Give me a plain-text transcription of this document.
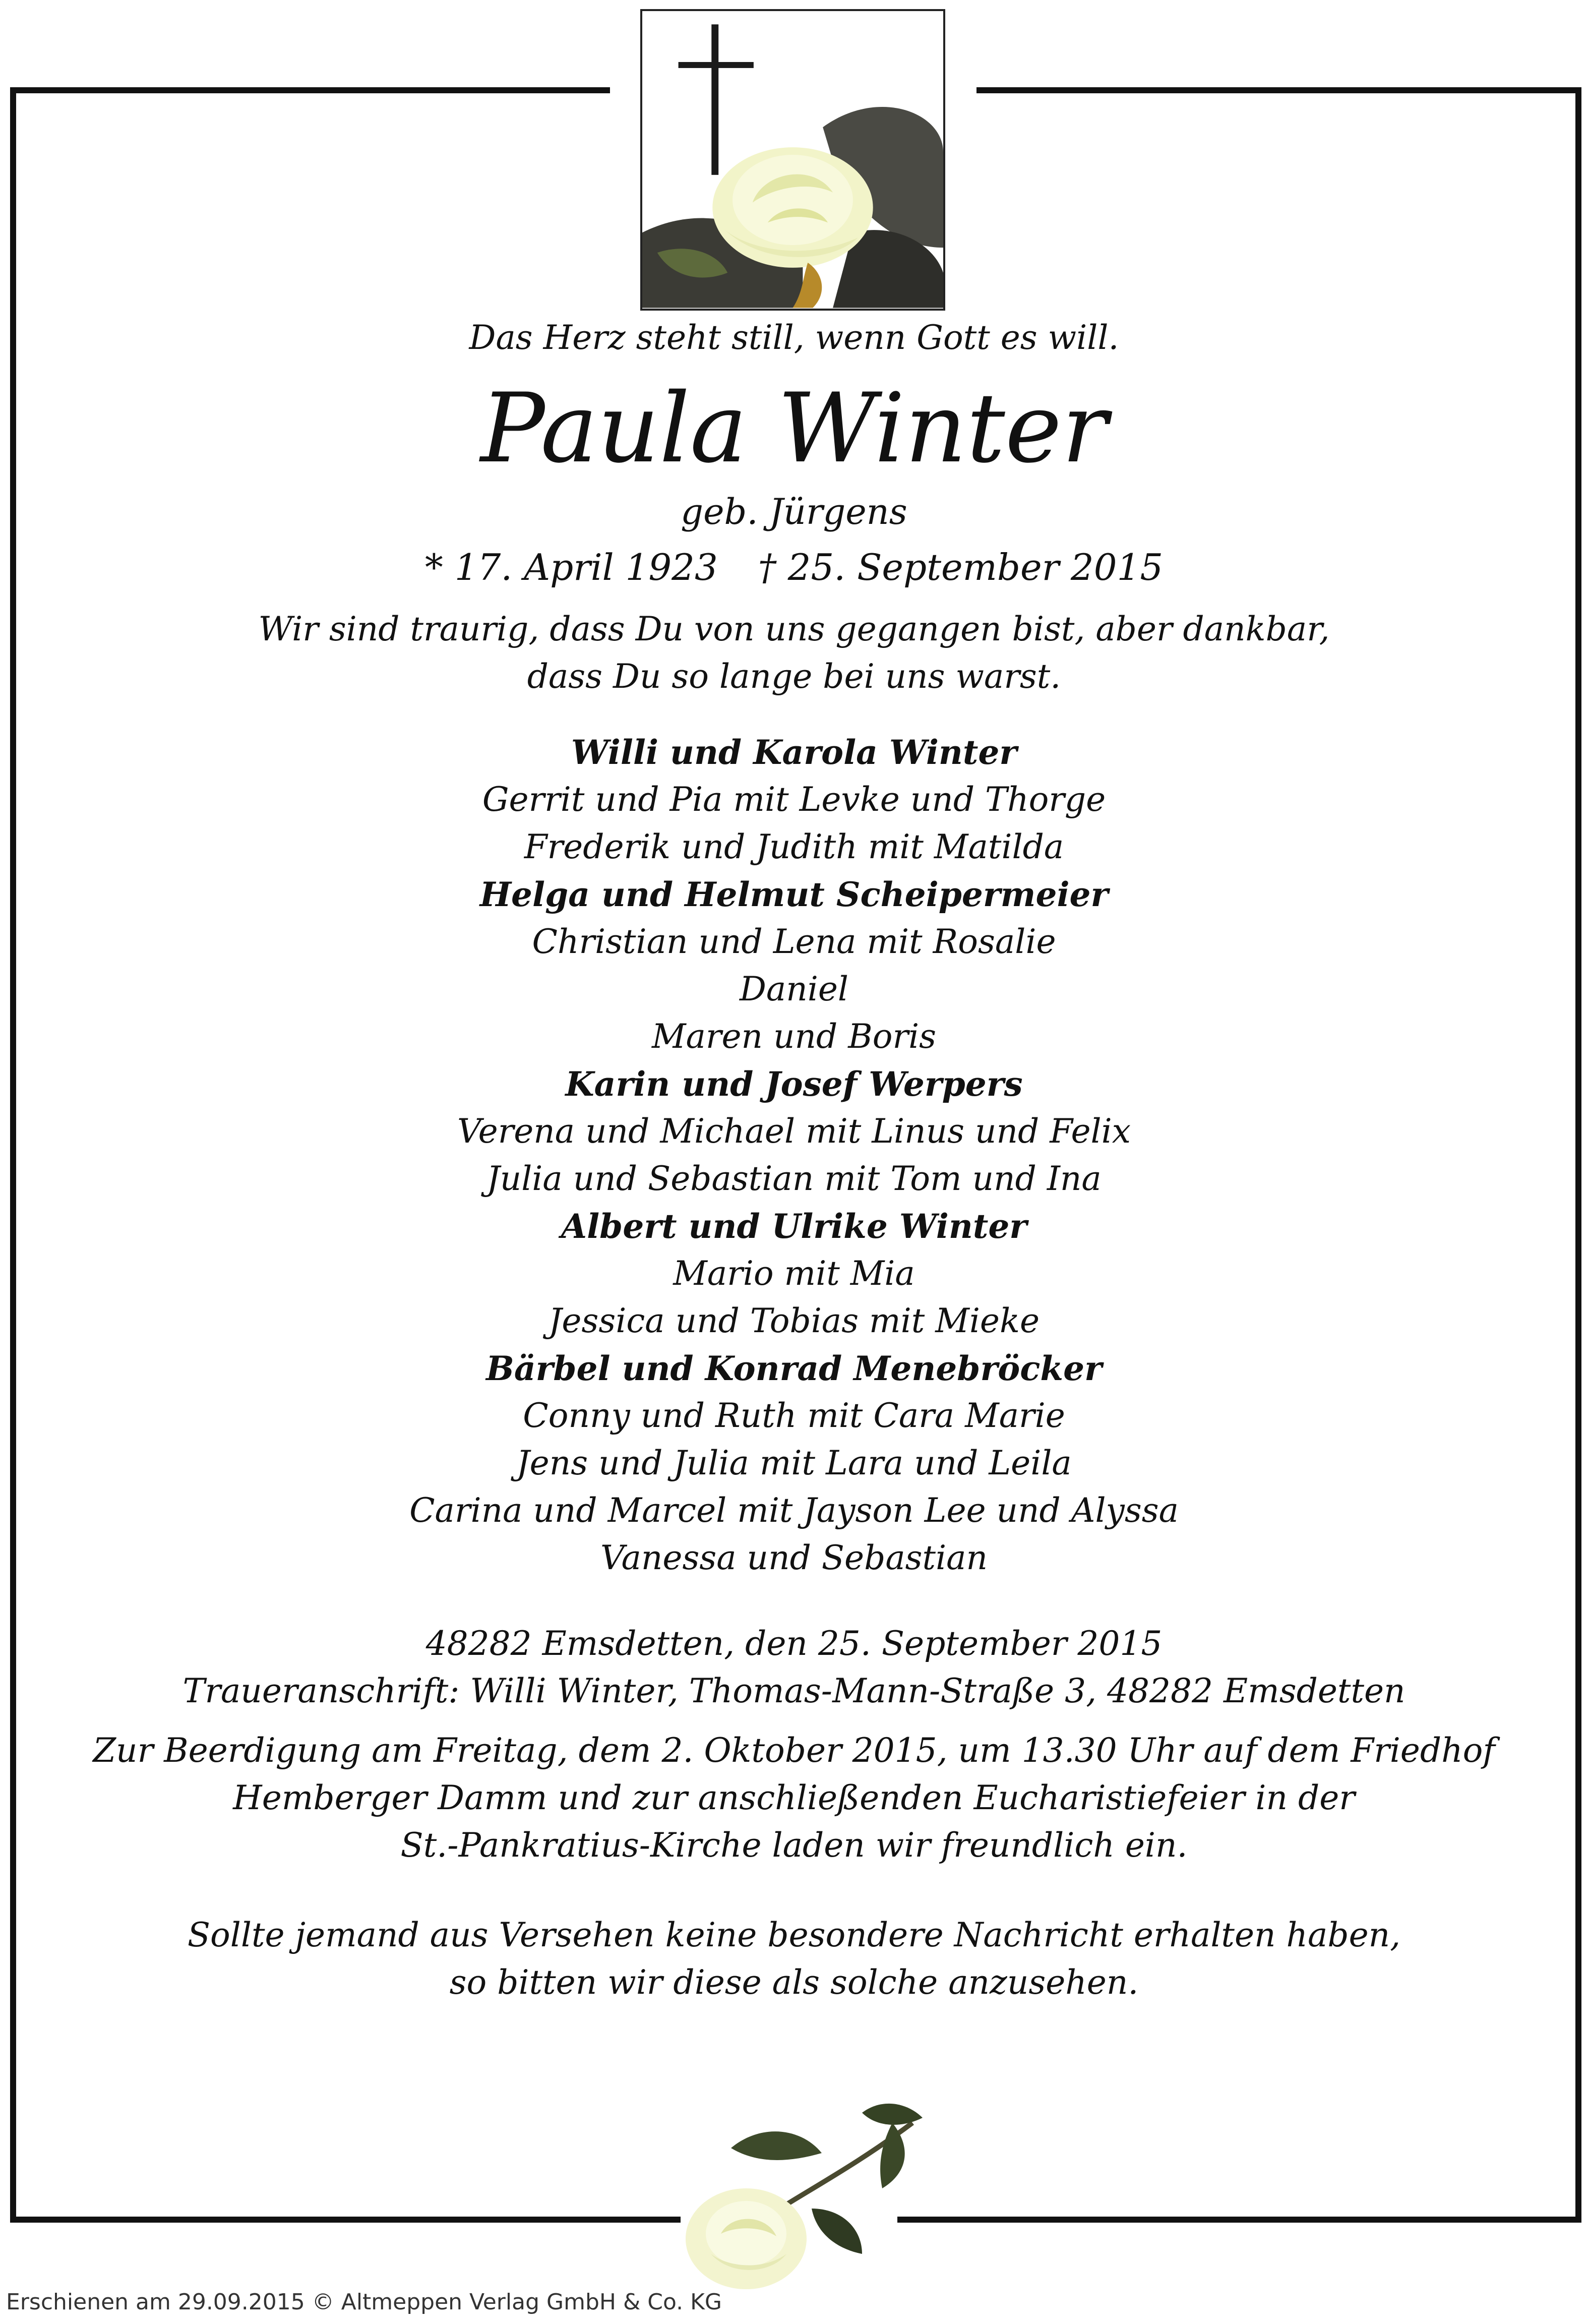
Das Herz steht still, wenn Gott es will.

Paula Winter

geb. Jürgens

* 17. April 1923 † 25. September 2015

Wir sind traurig, dass Du von uns gegangen bist, aber dankbar,

dass Du so lange bei uns warst.

Willi und Karola Winter

Gerrit und Pia mit Levke und Thorge

Frederik und Judith mit Matilda

Helga und Helmut Scheipermeier

Christian und Lena mit Rosalie

Daniel

Maren und Boris

Karin und Josef Werpers

Verena und Michael mit Linus und Felix

Julia und Sebastian mit Tom und Ina

Albert und Ulrike Winter

Mario mit Mia

Jessica und Tobias mit Mieke

Bärbel und Konrad Menebröcker

Conny und Ruth mit Cara Marie

Jens und Julia mit Lara und Leila

Carina und Marcel mit Jayson Lee und Alyssa

Vanessa und Sebastian

48282 Emsdetten, den 25. September 2015

Traueranschrift: Willi Winter, Thomas-Mann-Straße 3, 48282 Emsdetten

Zur Beerdigung am Freitag, dem 2. Oktober 2015, um 13.30 Uhr auf dem Friedhof

Hemberger Damm und zur anschließenden Eucharistiefeier in der

St.-Pankratius-Kirche laden wir freundlich ein.

Sollte jemand aus Versehen keine besondere Nachricht erhalten haben,

so bitten wir diese als solche anzusehen.

Erschienen am 29.09.2015 © Altmeppen Verlag GmbH & Co. KG
